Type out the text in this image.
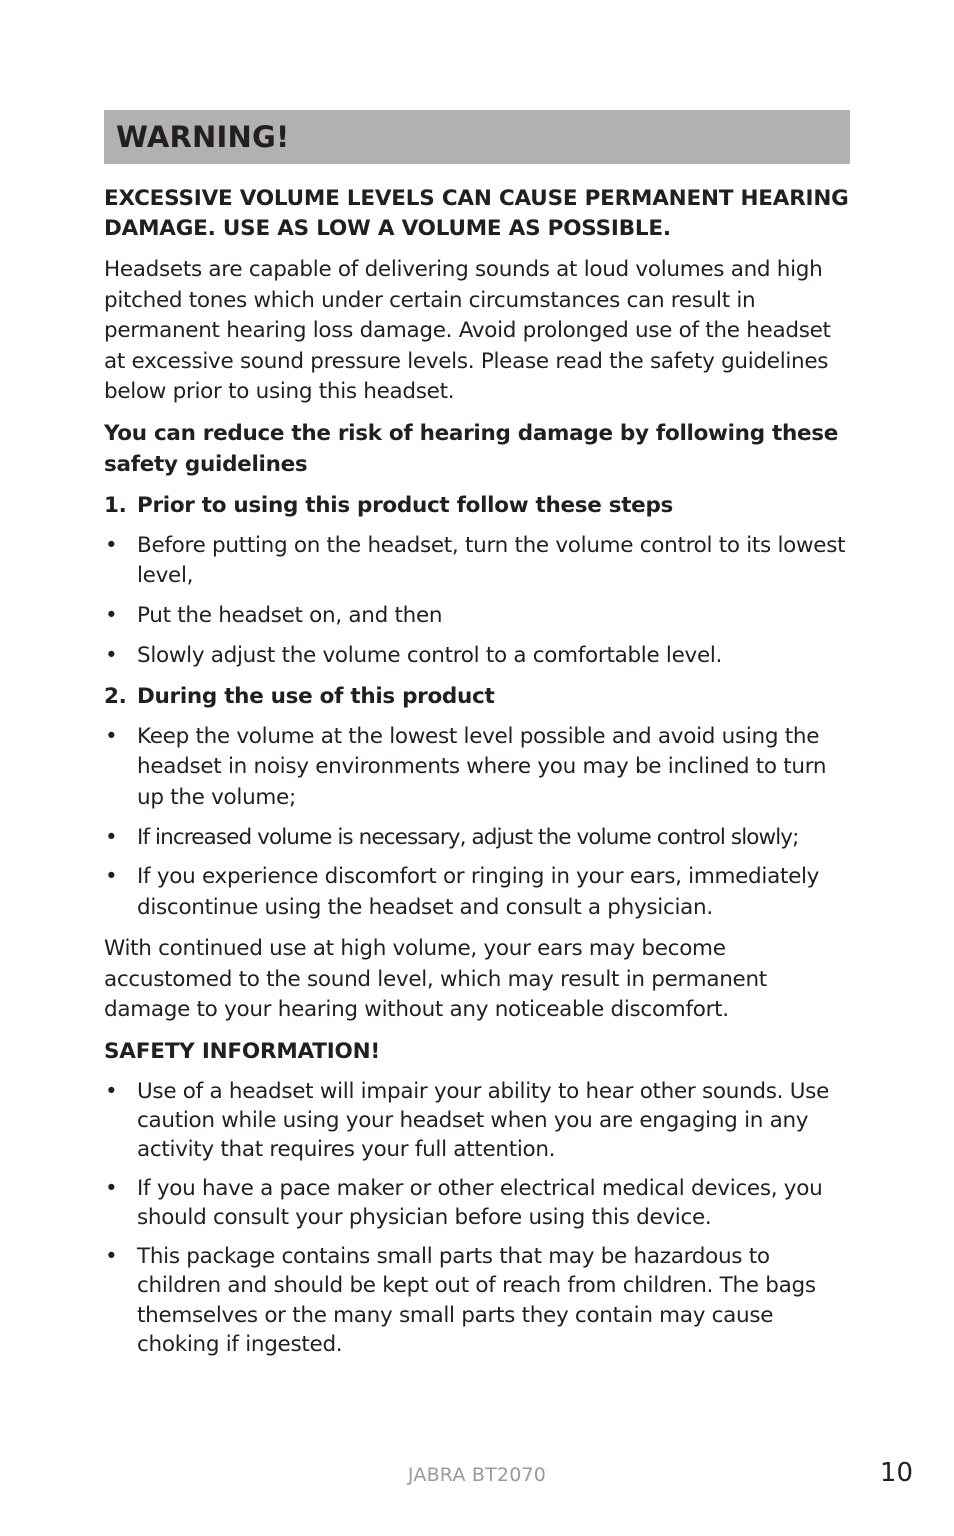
WARNING!
EXCESSIVE VOLUME LEVELS CAN CAUSE PERMANENT HEARING DAMAGE. USE AS LOW A VOLUME AS POSSIBLE.
Headsets are capable of delivering sounds at loud volumes and high pitched tones which under certain circumstances can result in permanent hearing loss damage. Avoid prolonged use of the headset at excessive sound pressure levels. Please read the safety guidelines below prior to using this headset.
You can reduce the risk of hearing damage by following these safety guidelines
1. Prior to using this product follow these steps
• Before putting on the headset, turn the volume control to its lowest level,
• Put the headset on, and then
• Slowly adjust the volume control to a comfortable level.
2. During the use of this product
• Keep the volume at the lowest level possible and avoid using the headset in noisy environments where you may be inclined to turn up the volume;
• If increased volume is necessary, adjust the volume control slowly;
• If you experience discomfort or ringing in your ears, immediately discontinue using the headset and consult a physician.
With continued use at high volume, your ears may become accustomed to the sound level, which may result in permanent damage to your hearing without any noticeable discomfort.
SAFETY INFORMATION!
• Use of a headset will impair your ability to hear other sounds. Use caution while using your headset when you are engaging in any activity that requires your full attention.
• If you have a pace maker or other electrical medical devices, you should consult your physician before using this device.
• This package contains small parts that may be hazardous to children and should be kept out of reach from children. The bags themselves or the many small parts they contain may cause choking if ingested.
JABRA BT2070	10
